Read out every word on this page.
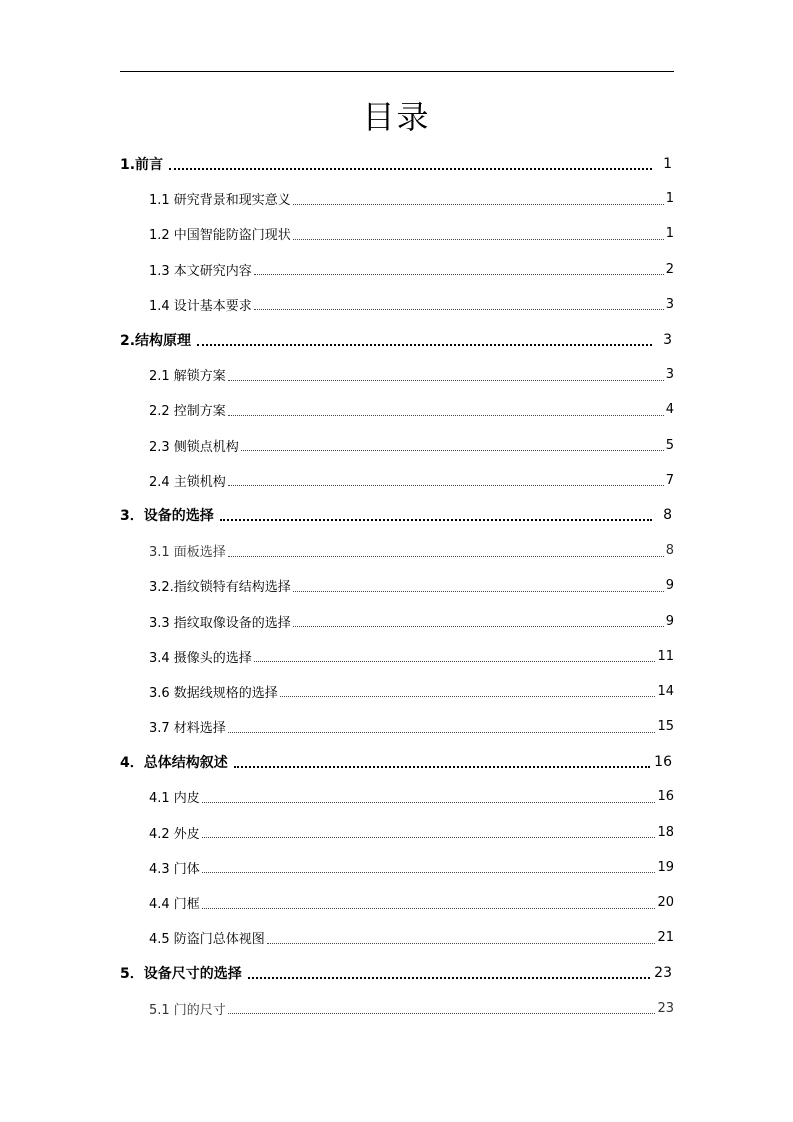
目录
1.前言	1
1.1 研究背景和现实意义	1
1.2 中国智能防盗门现状	1
1.3 本文研究内容	2
1.4 设计基本要求	3
2.结构原理	3
2.1 解锁方案	3
2.2 控制方案	4
2.3 侧锁点机构	5
2.4 主锁机构	7
3．设备的选择	8
3.1 面板选择	8
3.2.指纹锁特有结构选择	9
3.3 指纹取像设备的选择	9
3.4 摄像头的选择	11
3.6 数据线规格的选择	14
3.7 材料选择	15
4．总体结构叙述	16
4.1 内皮	16
4.2 外皮	18
4.3 门体	19
4.4 门框	20
4.5 防盗门总体视图	21
5．设备尺寸的选择	23
5.1 门的尺寸	23
